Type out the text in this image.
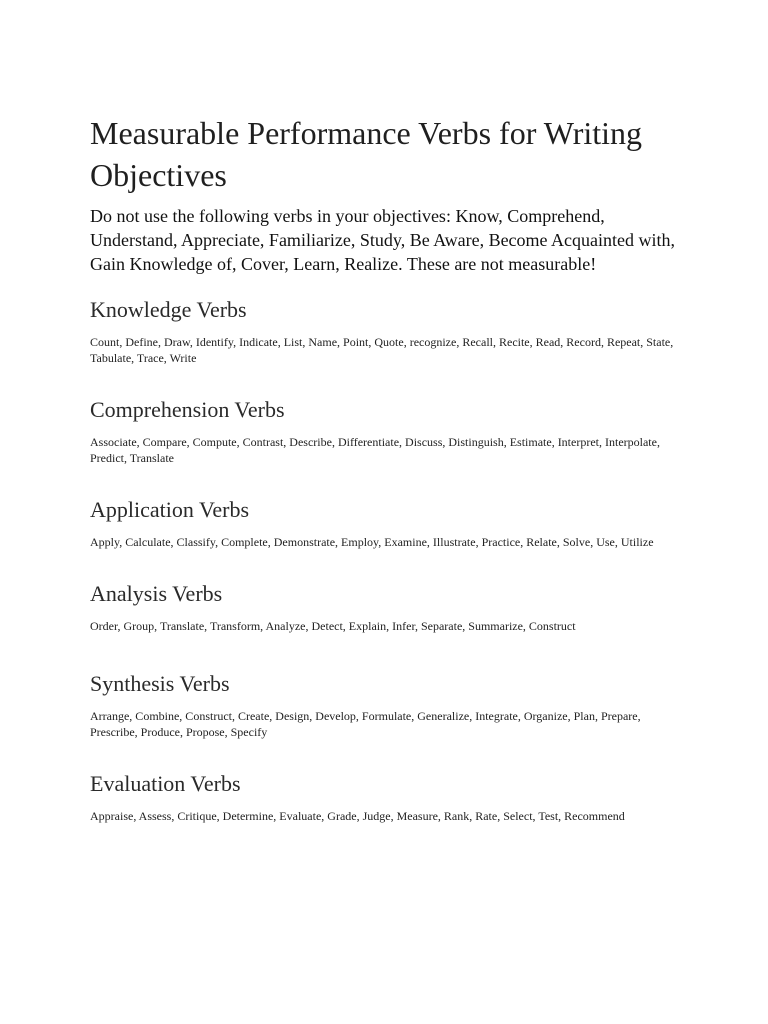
Measurable Performance Verbs for Writing Objectives

Do not use the following verbs in your objectives: Know, Comprehend, Understand, Appreciate, Familiarize, Study, Be Aware, Become Acquainted with, Gain Knowledge of, Cover, Learn, Realize. These are not measurable!

Knowledge Verbs

Count, Define, Draw, Identify, Indicate, List, Name, Point, Quote, recognize, Recall, Recite, Read, Record, Repeat, State, Tabulate, Trace, Write

Comprehension Verbs

Associate, Compare, Compute, Contrast, Describe, Differentiate, Discuss, Distinguish, Estimate, Interpret, Interpolate, Predict, Translate

Application Verbs

Apply, Calculate, Classify, Complete, Demonstrate, Employ, Examine, Illustrate, Practice, Relate, Solve, Use, Utilize

Analysis Verbs

Order, Group, Translate, Transform, Analyze, Detect, Explain, Infer, Separate, Summarize, Construct

Synthesis Verbs

Arrange, Combine, Construct, Create, Design, Develop, Formulate, Generalize, Integrate, Organize, Plan, Prepare, Prescribe, Produce, Propose, Specify

Evaluation Verbs

Appraise, Assess, Critique, Determine, Evaluate, Grade, Judge, Measure, Rank, Rate, Select, Test, Recommend
